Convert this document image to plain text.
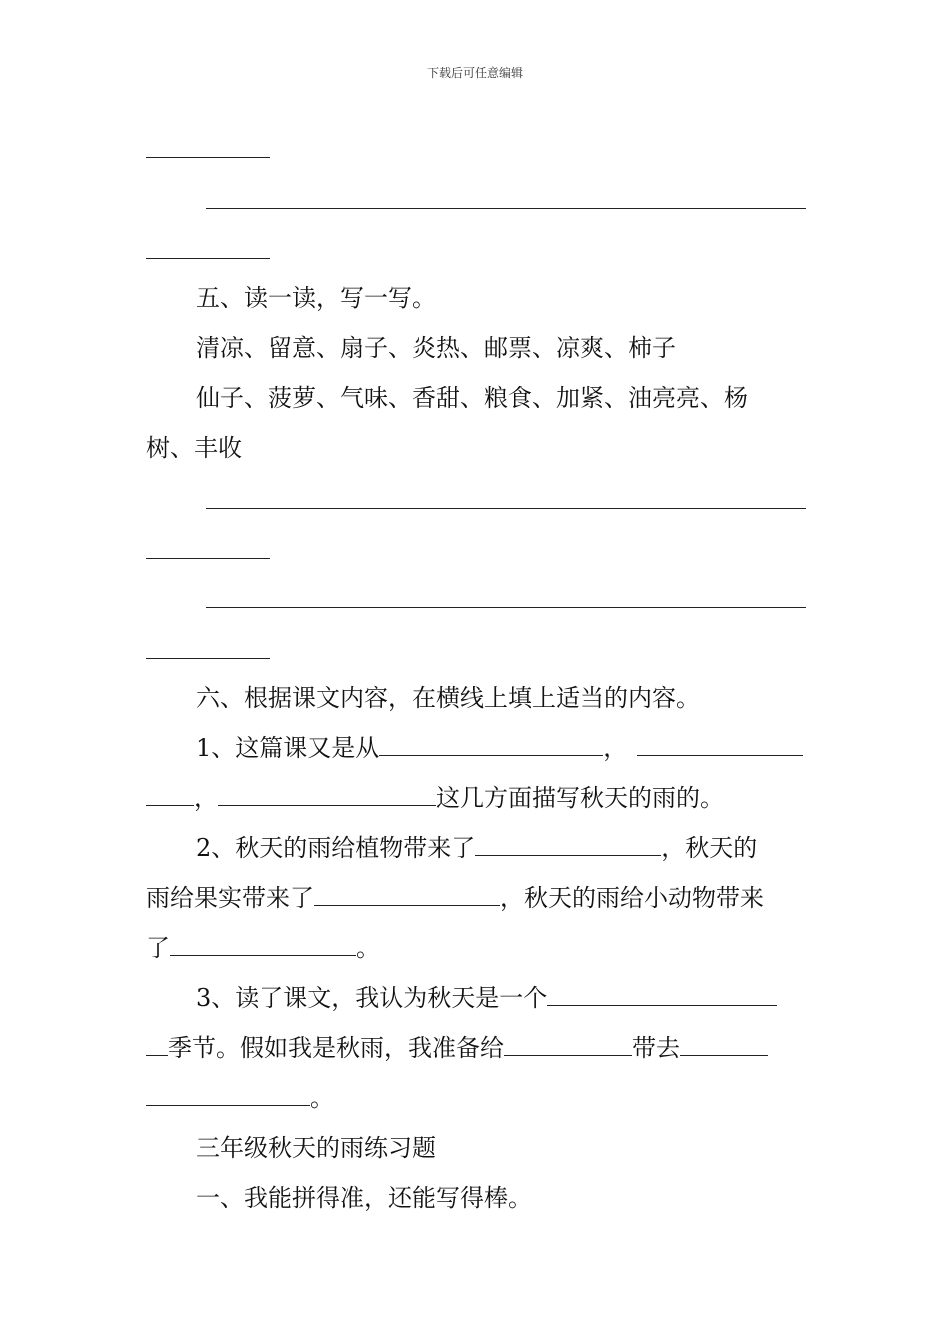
下载后可任意编辑
五、读一读，写一写。
清凉、留意、扇子、炎热、邮票、凉爽、柿子
仙子、菠萝、气味、香甜、粮食、加紧、油亮亮、杨
树、丰收
六、根据课文内容，在横线上填上适当的内容。
1、这篇课又是从	，
，	这几方面描写秋天的雨的。
2、秋天的雨给植物带来了	，秋天的
雨给果实带来了	，秋天的雨给小动物带来
了	。
3、读了课文，我认为秋天是一个
季节。假如我是秋雨，我准备给	带去
。
三年级秋天的雨练习题
一、我能拼得准，还能写得棒。
